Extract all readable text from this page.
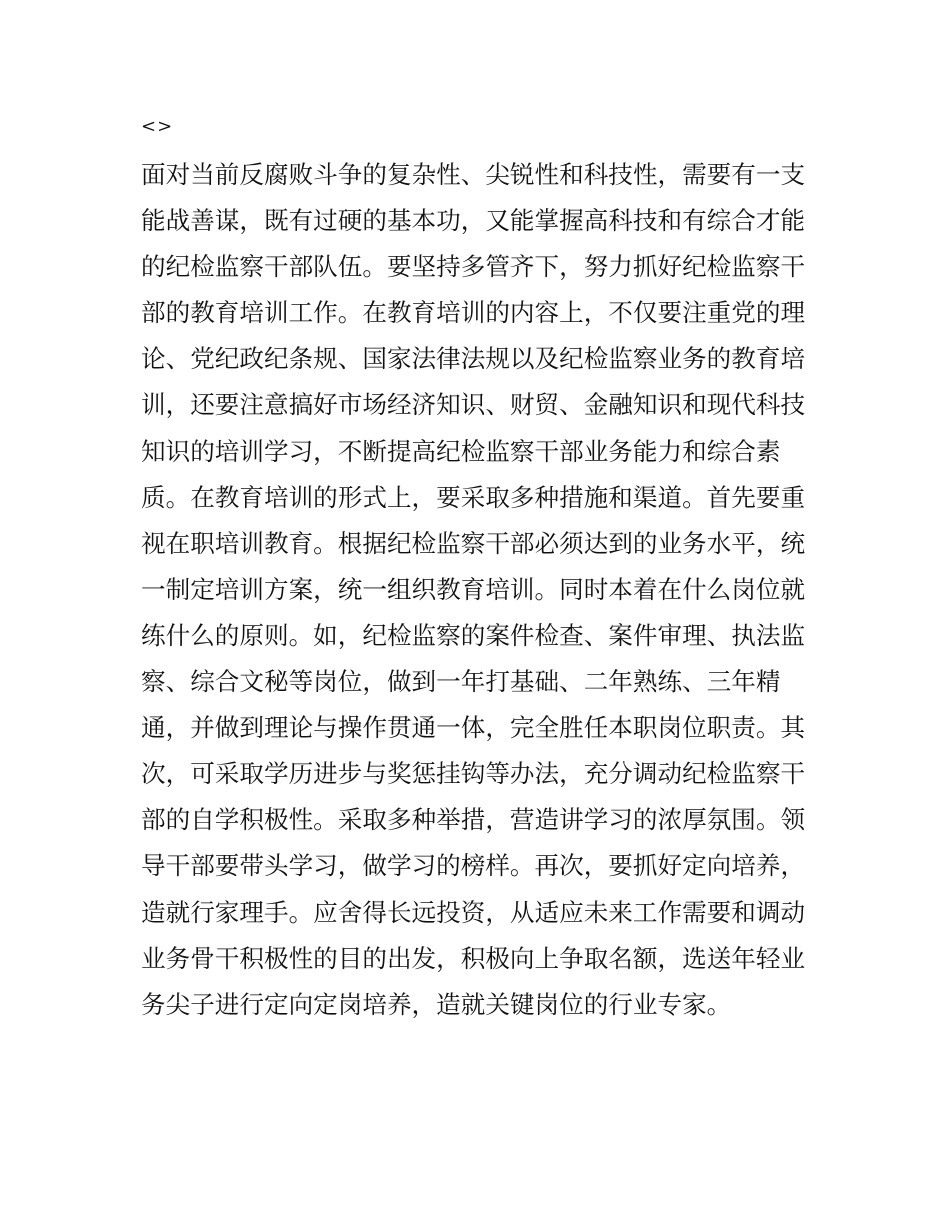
<>
面对当前反腐败斗争的复杂性、尖锐性和科技性，需要有一支
能战善谋，既有过硬的基本功，又能掌握高科技和有综合才能
的纪检监察干部队伍。要坚持多管齐下，努力抓好纪检监察干
部的教育培训工作。在教育培训的内容上，不仅要注重党的理
论、党纪政纪条规、国家法律法规以及纪检监察业务的教育培
训，还要注意搞好市场经济知识、财贸、金融知识和现代科技
知识的培训学习，不断提高纪检监察干部业务能力和综合素
质。在教育培训的形式上，要采取多种措施和渠道。首先要重
视在职培训教育。根据纪检监察干部必须达到的业务水平，统
一制定培训方案，统一组织教育培训。同时本着在什么岗位就
练什么的原则。如，纪检监察的案件检查、案件审理、执法监
察、综合文秘等岗位，做到一年打基础、二年熟练、三年精
通，并做到理论与操作贯通一体，完全胜任本职岗位职责。其
次，可采取学历进步与奖惩挂钩等办法，充分调动纪检监察干
部的自学积极性。采取多种举措，营造讲学习的浓厚氛围。领
导干部要带头学习，做学习的榜样。再次，要抓好定向培养，
造就行家理手。应舍得长远投资，从适应未来工作需要和调动
业务骨干积极性的目的出发，积极向上争取名额，选送年轻业
务尖子进行定向定岗培养，造就关键岗位的行业专家。
